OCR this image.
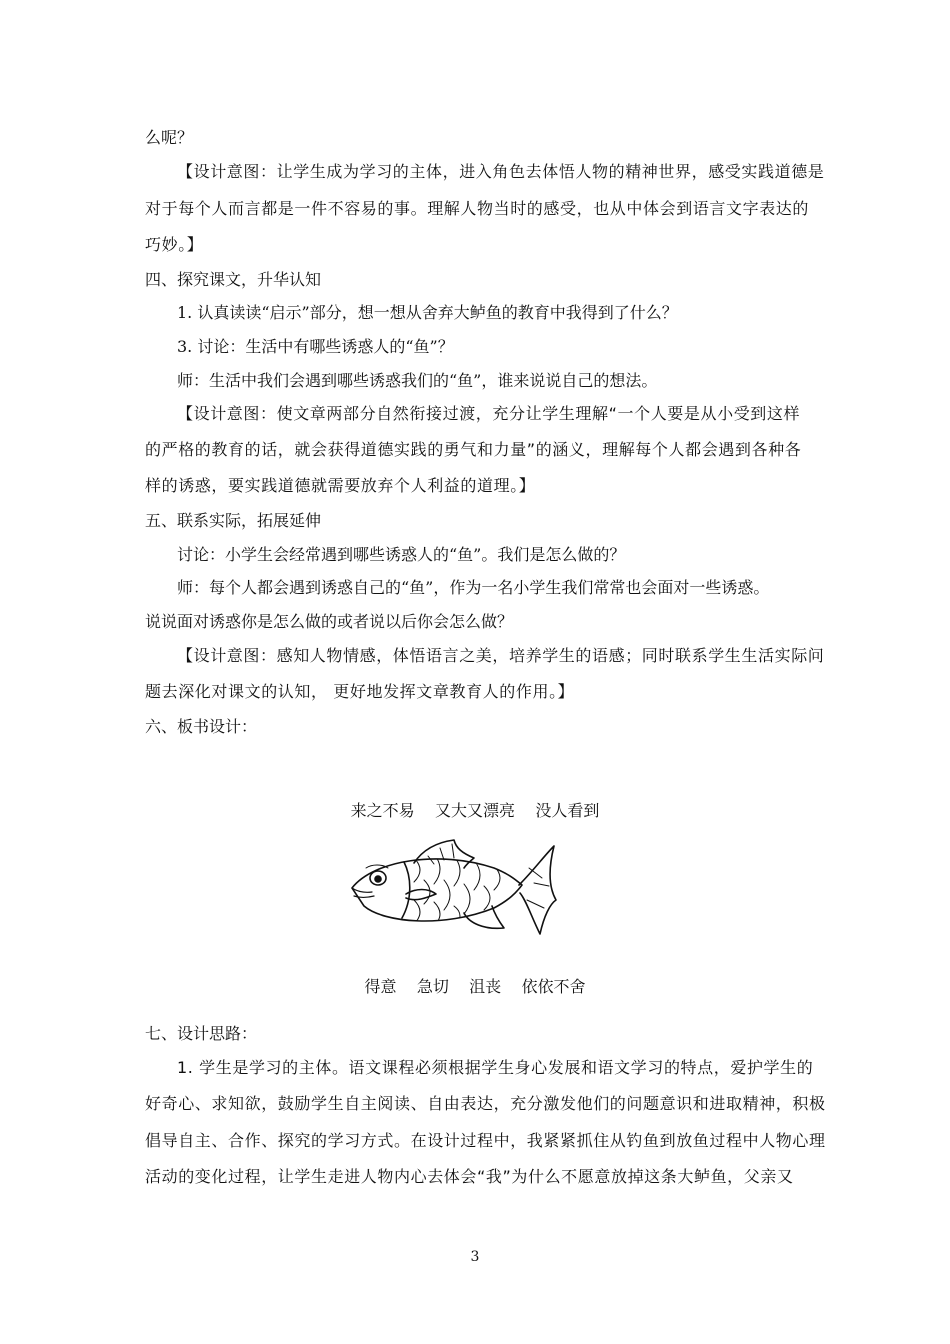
么呢？
【设计意图：让学生成为学习的主体，进入角色去体悟人物的精神世界，感受实践道德是
对于每个人而言都是一件不容易的事。理解人物当时的感受，也从中体会到语言文字表达的
巧妙。】
四、探究课文，升华认知
1. 认真读读“启示”部分，想一想从舍弃大鲈鱼的教育中我得到了什么？
3. 讨论：生活中有哪些诱惑人的“鱼”？
师：生活中我们会遇到哪些诱惑我们的“鱼”，谁来说说自己的想法。
【设计意图：使文章两部分自然衔接过渡，充分让学生理解“一个人要是从小受到这样
的严格的教育的话，就会获得道德实践的勇气和力量”的涵义，理解每个人都会遇到各种各
样的诱惑，要实践道德就需要放弃个人利益的道理。】
五、联系实际，拓展延伸
讨论：小学生会经常遇到哪些诱惑人的“鱼”。我们是怎么做的？
师：每个人都会遇到诱惑自己的“鱼”，作为一名小学生我们常常也会面对一些诱惑。
说说面对诱惑你是怎么做的或者说以后你会怎么做？
【设计意图：感知人物情感，体悟语言之美，培养学生的语感；同时联系学生生活实际问
题去深化对课文的认知， 更好地发挥文章教育人的作用。】
六、板书设计：
来之不易    又大又漂亮    没人看到
得意    急切    沮丧    依依不舍
七、设计思路：
1. 学生是学习的主体。语文课程必须根据学生身心发展和语文学习的特点，爱护学生的
好奇心、求知欲，鼓励学生自主阅读、自由表达，充分激发他们的问题意识和进取精神，积极
倡导自主、合作、探究的学习方式。在设计过程中，我紧紧抓住从钓鱼到放鱼过程中人物心理
活动的变化过程，让学生走进人物内心去体会“我”为什么不愿意放掉这条大鲈鱼，父亲又
3
